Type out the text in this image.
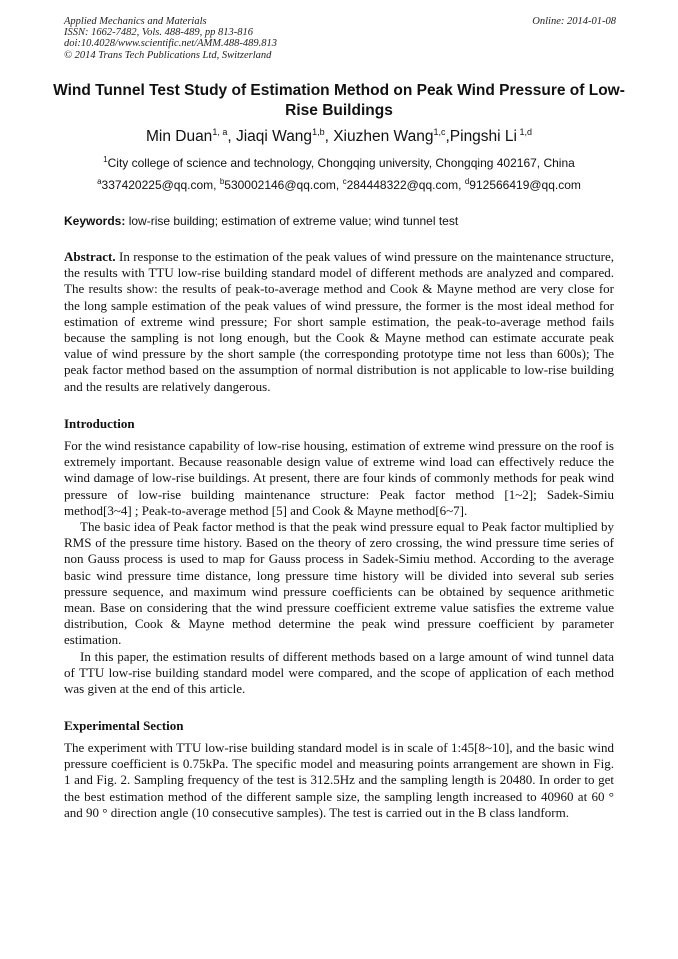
Applied Mechanics and Materials
ISSN: 1662-7482, Vols. 488-489, pp 813-816
doi:10.4028/www.scientific.net/AMM.488-489.813
© 2014 Trans Tech Publications Ltd, Switzerland
Online: 2014-01-08
Wind Tunnel Test Study of Estimation Method on Peak Wind Pressure of Low-Rise Buildings
Min Duan$^{1, a}$, Jiaqi Wang$^{1,b}$, Xiuzhen Wang$^{1,c}$,Pingshi Li $^{1,d}$
$^1$City college of science and technology, Chongqing university, Chongqing 402167, China
$^a$337420225@qq.com, $^b$530002146@qq.com, $^c$284448322@qq.com, $^d$912566419@qq.com
Keywords: low-rise building; estimation of extreme value; wind tunnel test
Abstract. In response to the estimation of the peak values of wind pressure on the maintenance structure, the results with TTU low-rise building standard model of different methods are analyzed and compared. The results show: the results of peak-to-average method and Cook & Mayne method are very close for the long sample estimation of the peak values of wind pressure, the former is the most ideal method for estimation of extreme wind pressure; For short sample estimation, the peak-to-average method fails because the sampling is not long enough, but the Cook & Mayne method can estimate accurate peak value of wind pressure by the short sample (the corresponding prototype time not less than 600s); The peak factor method based on the assumption of normal distribution is not applicable to low-rise building and the results are relatively dangerous.
Introduction

For the wind resistance capability of low-rise housing, estimation of extreme wind pressure on the roof is extremely important. Because reasonable design value of extreme wind load can effectively reduce the wind damage of low-rise buildings. At present, there are four kinds of commonly methods for peak wind pressure of low-rise building maintenance structure: Peak factor method [1~2]; Sadek-Simiu method[3~4] ; Peak-to-average method [5] and Cook & Mayne method[6~7].

The basic idea of Peak factor method is that the peak wind pressure equal to Peak factor multiplied by RMS of the pressure time history. Based on the theory of zero crossing, the wind pressure time series of non Gauss process is used to map for Gauss process in Sadek-Simiu method. According to the average basic wind pressure time distance, long pressure time history will be divided into several sub series pressure sequence, and maximum wind pressure coefficients can be obtained by sequence arithmetic mean. Base on considering that the wind pressure coefficient extreme value satisfies the extreme value distribution, Cook & Mayne method determine the peak wind pressure coefficient by parameter estimation.

In this paper, the estimation results of different methods based on a large amount of wind tunnel data of TTU low-rise building standard model were compared, and the scope of application of each method was given at the end of this article.

Experimental Section

The experiment with TTU low-rise building standard model is in scale of 1:45[8~10], and the basic wind pressure coefficient is 0.75kPa. The specific model and measuring points arrangement are shown in Fig. 1 and Fig. 2. Sampling frequency of the test is 312.5Hz and the sampling length is 20480. In order to get the best estimation method of the different sample size, the sampling length increased to 40960 at 60 ° and 90 ° direction angle (10 consecutive samples). The test is carried out in the B class landform.
